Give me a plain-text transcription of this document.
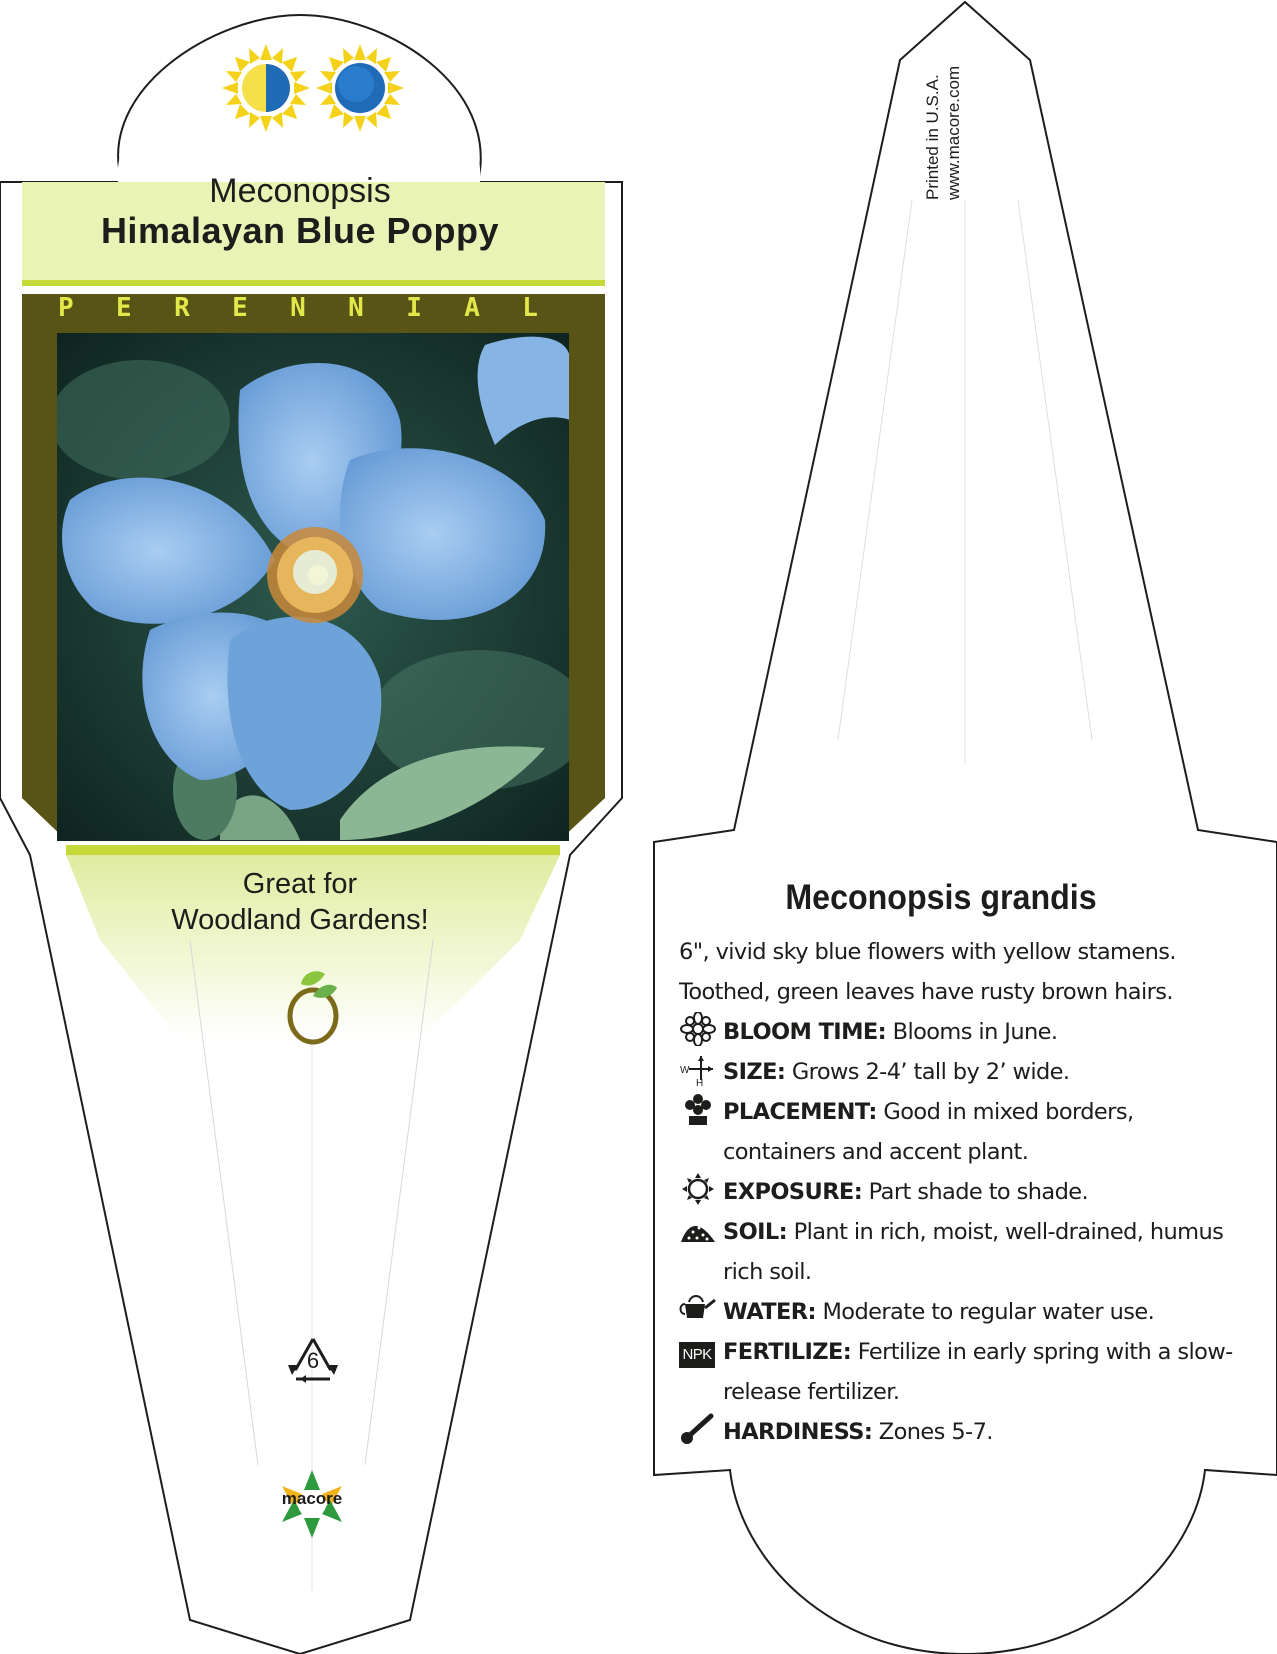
Meconopsis
Himalayan Blue Poppy
P E R E N N I A L
Great for
Woodland Gardens!
6
macore
Printed in U.S.A. www.macore.com
Meconopsis grandis

6", vivid sky blue flowers with yellow stamens. Toothed, green leaves have rusty brown hairs.

BLOOM TIME: Blooms in June.
W
H SIZE: Grows 2-4’ tall by 2’ wide.
PLACEMENT: Good in mixed borders, containers and accent plant.
EXPOSURE: Part shade to shade.
SOIL: Plant in rich, moist, well-drained, humus rich soil.
WATER: Moderate to regular water use.
NPK FERTILIZE: Fertilize in early spring with a slow-release fertilizer.
HARDINESS: Zones 5-7.
